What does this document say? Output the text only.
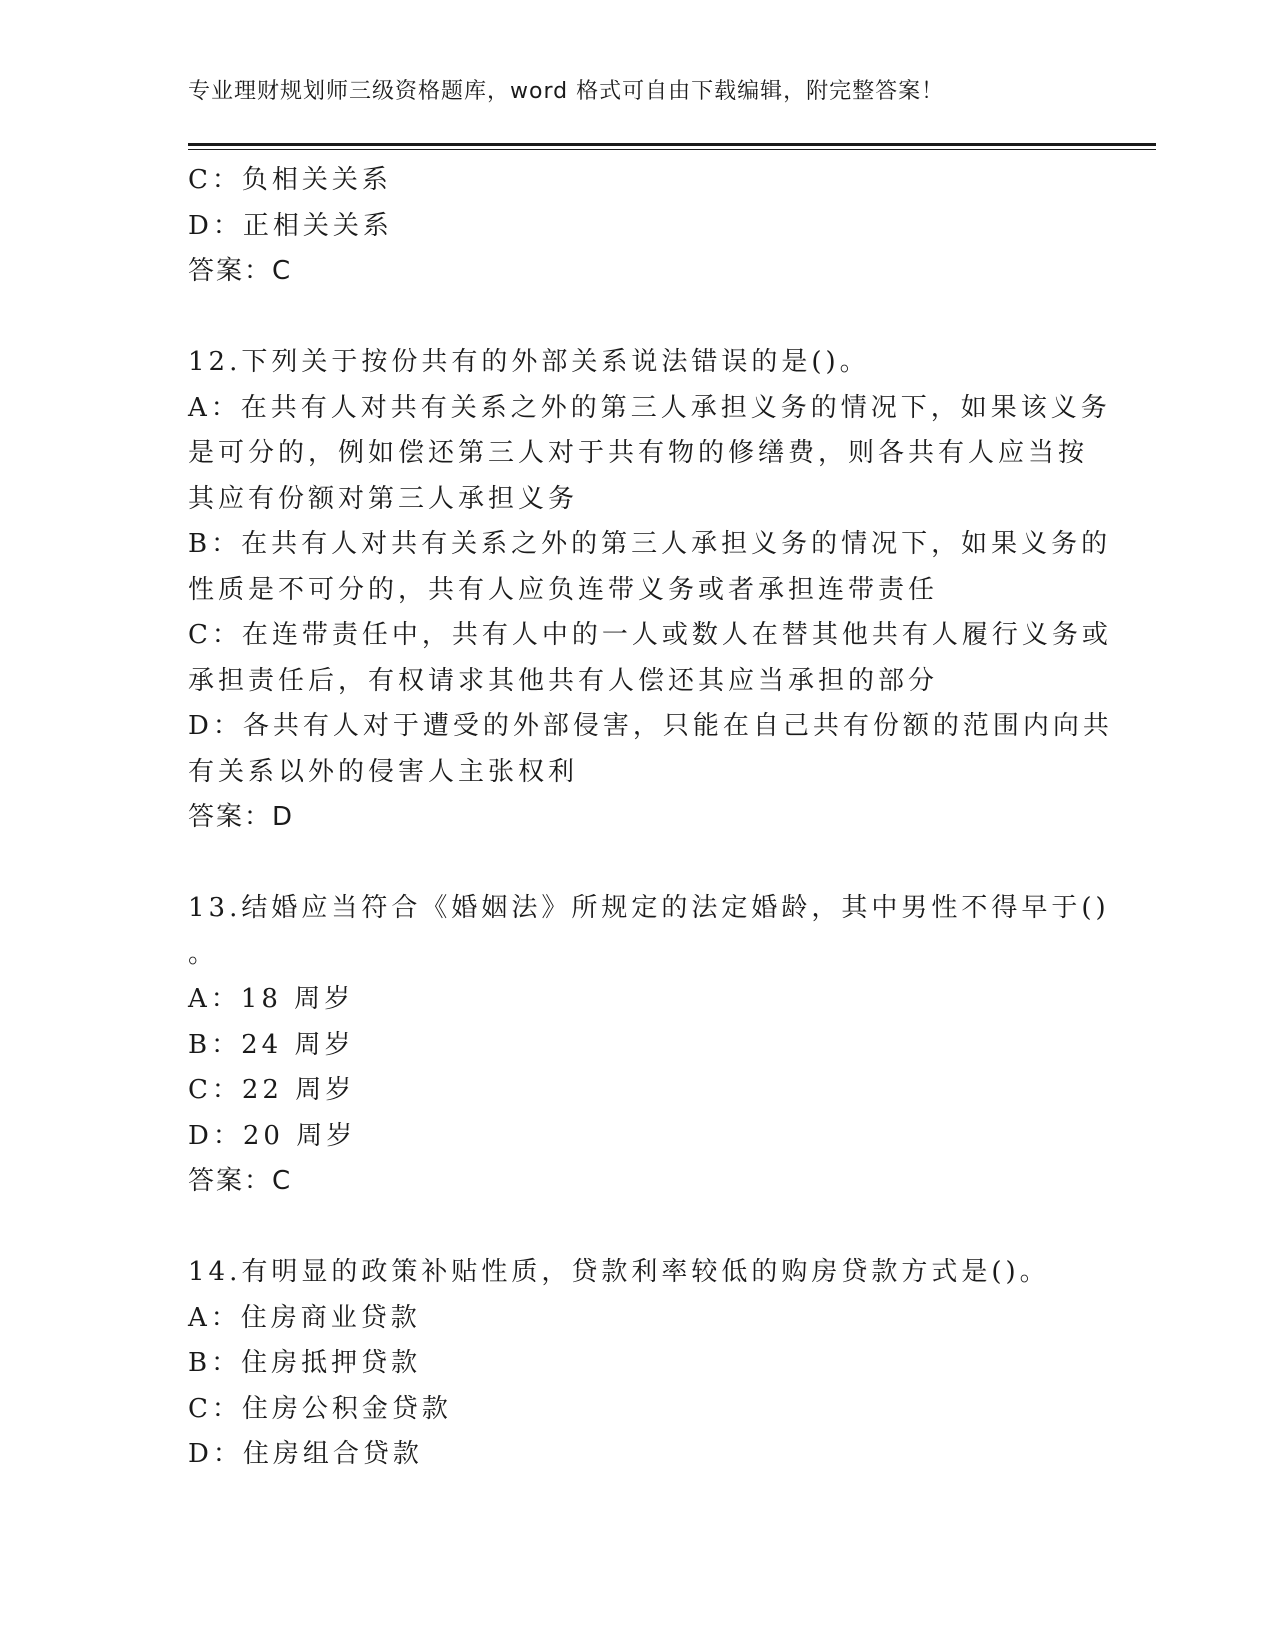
专业理财规划师三级资格题库，word 格式可自由下载编辑，附完整答案！
C：负相关关系
D：正相关关系
答案：C
12.下列关于按份共有的外部关系说法错误的是()。
A：在共有人对共有关系之外的第三人承担义务的情况下，如果该义务
是可分的，例如偿还第三人对于共有物的修缮费，则各共有人应当按
其应有份额对第三人承担义务
B：在共有人对共有关系之外的第三人承担义务的情况下，如果义务的
性质是不可分的，共有人应负连带义务或者承担连带责任
C：在连带责任中，共有人中的一人或数人在替其他共有人履行义务或
承担责任后，有权请求其他共有人偿还其应当承担的部分
D：各共有人对于遭受的外部侵害，只能在自己共有份额的范围内向共
有关系以外的侵害人主张权利
答案：D
13.结婚应当符合《婚姻法》所规定的法定婚龄，其中男性不得早于()
。
A：18 周岁
B：24 周岁
C：22 周岁
D：20 周岁
答案：C
14.有明显的政策补贴性质，贷款利率较低的购房贷款方式是()。
A：住房商业贷款
B：住房抵押贷款
C：住房公积金贷款
D：住房组合贷款
